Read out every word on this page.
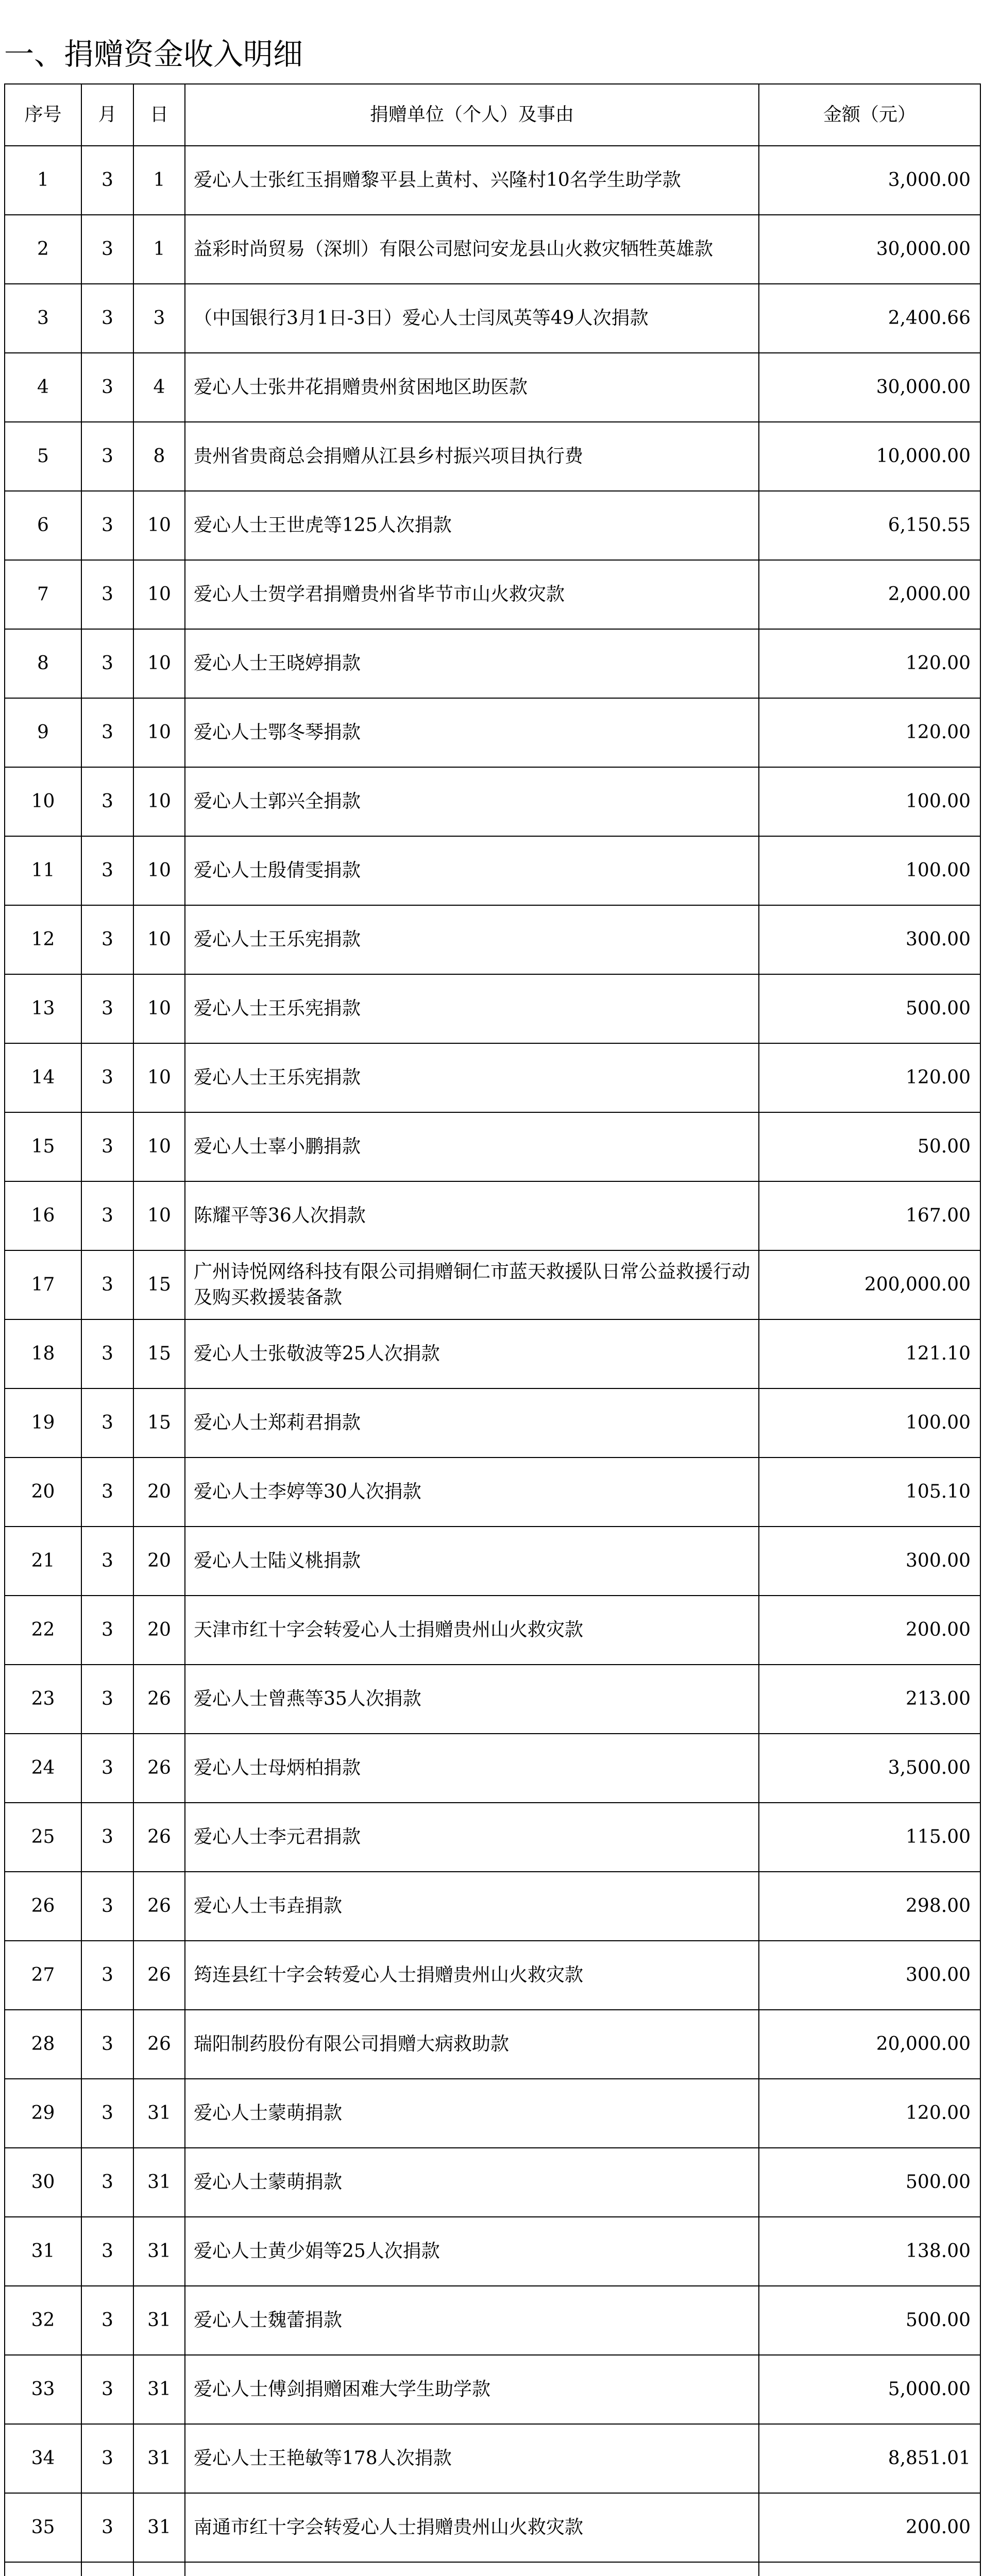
一、捐赠资金收入明细
序号	月	日	捐赠单位（个人）及事由	金额（元）
1	3	1	爱心人士张红玉捐赠黎平县上黄村、兴隆村10名学生助学款	3,000.00
2	3	1	益彩时尚贸易（深圳）有限公司慰问安龙县山火救灾牺牲英雄款	30,000.00
3	3	3	（中国银行3月1日-3日）爱心人士闫凤英等49人次捐款	2,400.66
4	3	4	爱心人士张井花捐赠贵州贫困地区助医款	30,000.00
5	3	8	贵州省贵商总会捐赠从江县乡村振兴项目执行费	10,000.00
6	3	10	爱心人士王世虎等125人次捐款	6,150.55
7	3	10	爱心人士贺学君捐赠贵州省毕节市山火救灾款	2,000.00
8	3	10	爱心人士王晓婷捐款	120.00
9	3	10	爱心人士鄂冬琴捐款	120.00
10	3	10	爱心人士郭兴全捐款	100.00
11	3	10	爱心人士殷倩雯捐款	100.00
12	3	10	爱心人士王乐宪捐款	300.00
13	3	10	爱心人士王乐宪捐款	500.00
14	3	10	爱心人士王乐宪捐款	120.00
15	3	10	爱心人士辜小鹏捐款	50.00
16	3	10	陈耀平等36人次捐款	167.00
17	3	15	广州诗悦网络科技有限公司捐赠铜仁市蓝天救援队日常公益救援行动及购买救援装备款	200,000.00
18	3	15	爱心人士张敬波等25人次捐款	121.10
19	3	15	爱心人士郑莉君捐款	100.00
20	3	20	爱心人士李婷等30人次捐款	105.10
21	3	20	爱心人士陆义桃捐款	300.00
22	3	20	天津市红十字会转爱心人士捐赠贵州山火救灾款	200.00
23	3	26	爱心人士曾燕等35人次捐款	213.00
24	3	26	爱心人士母炳柏捐款	3,500.00
25	3	26	爱心人士李元君捐款	115.00
26	3	26	爱心人士韦垚捐款	298.00
27	3	26	筠连县红十字会转爱心人士捐赠贵州山火救灾款	300.00
28	3	26	瑞阳制药股份有限公司捐赠大病救助款	20,000.00
29	3	31	爱心人士蒙萌捐款	120.00
30	3	31	爱心人士蒙萌捐款	500.00
31	3	31	爱心人士黄少娟等25人次捐款	138.00
32	3	31	爱心人士魏蕾捐款	500.00
33	3	31	爱心人士傅剑捐赠困难大学生助学款	5,000.00
34	3	31	爱心人士王艳敏等178人次捐款	8,851.01
35	3	31	南通市红十字会转爱心人士捐赠贵州山火救灾款	200.00
